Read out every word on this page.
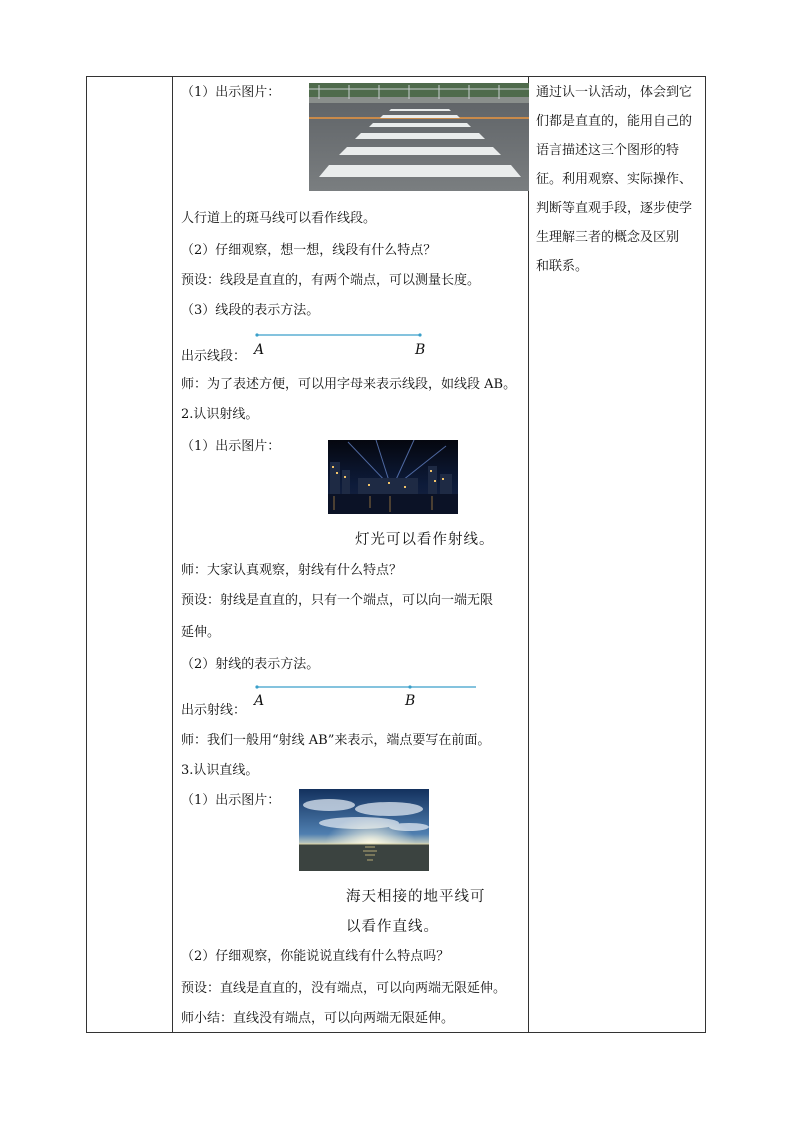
（1）出示图片：
人行道上的斑马线可以看作线段。
（2）仔细观察，想一想，线段有什么特点？
预设：线段是直直的，有两个端点，可以测量长度。
（3）线段的表示方法。
出示线段： A	B
师：为了表述方便，可以用字母来表示线段，如线段 AB。
2.认识射线。
（1）出示图片：
灯光可以看作射线。
师：大家认真观察，射线有什么特点？
预设：射线是直直的，只有一个端点，可以向一端无限
延伸。
（2）射线的表示方法。
出示射线：
A	B
师：我们一般用“射线 AB”来表示，端点要写在前面。
3.认识直线。
（1）出示图片：
海天相接的地平线可
以看作直线。
（2）仔细观察，你能说说直线有什么特点吗？
预设：直线是直直的，没有端点，可以向两端无限延伸。
师小结：直线没有端点，可以向两端无限延伸。
通过认一认活动，体会到它
们都是直直的，能用自己的
语言描述这三个图形的特
征。利用观察、实际操作、
判断等直观手段，逐步使学
生理解三者的概念及区别
和联系。
